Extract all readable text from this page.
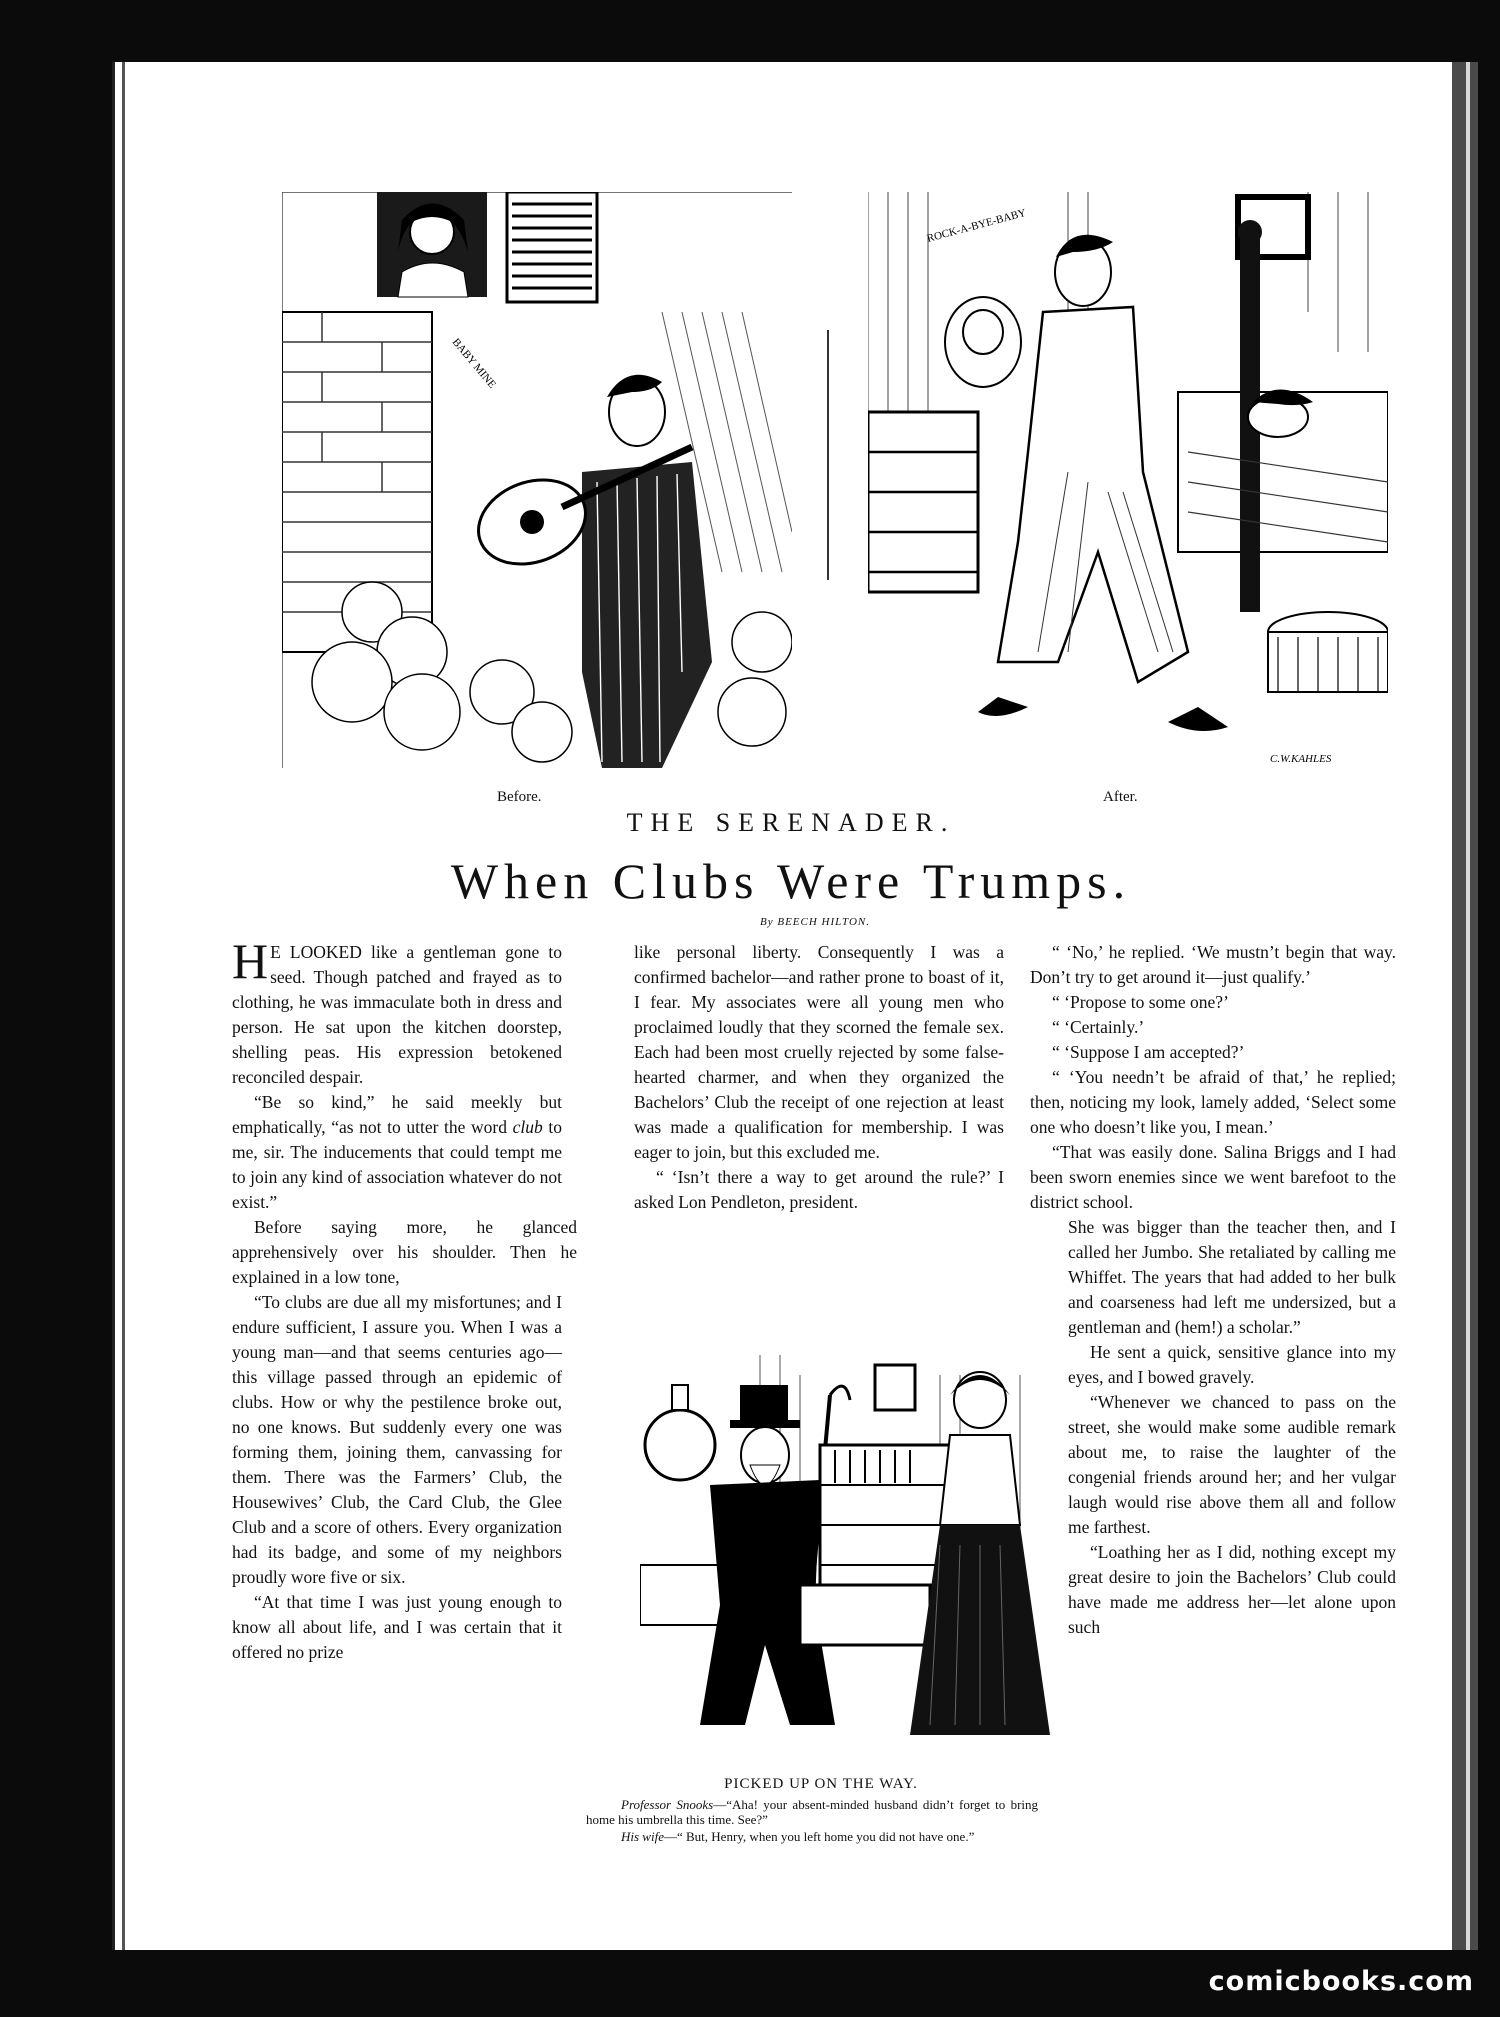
BABY MINE
ROCK-A-BYE-BABY
C.W.KAHLES
Before.	After.
THE SERENADER.
When Clubs Were Trumps.
By BEECH HILTON.

H E LOOKED like a gentleman gone to seed. Though patched and frayed as to clothing, he was immaculate both in dress and person. He sat upon the kitchen doorstep, shelling peas. His expression betokened reconciled despair.

“Be so kind,” he said meekly but emphatically, “as not to utter the word club to me, sir. The inducements that could tempt me to join any kind of association whatever do not exist.”

Before saying more, he glanced apprehensively over his shoulder. Then he explained in a low tone,

“To clubs are due all my misfortunes; and I endure sufficient, I assure you. When I was a young man—and that seems centuries ago—this village passed through an epidemic of clubs. How or why the pestilence broke out, no one knows. But suddenly every one was forming them, joining them, canvassing for them. There was the Farmers’ Club, the Housewives’ Club, the Card Club, the Glee Club and a score of others. Every organization had its badge, and some of my neighbors proudly wore five or six.

“At that time I was just young enough to know all about life, and I was certain that it offered no prize

like personal liberty. Consequently I was a confirmed bachelor—and rather prone to boast of it, I fear. My associates were all young men who proclaimed loudly that they scorned the female sex. Each had been most cruelly rejected by some false-hearted charmer, and when they organized the Bachelors’ Club the receipt of one rejection at least was made a qualification for membership. I was eager to join, but this excluded me.

“ ‘Isn’t there a way to get around the rule?’ I asked Lon Pendleton, president.

PICKED UP ON THE WAY.
Professor Snooks—“Aha! your absent-minded husband didn’t forget to bring home his umbrella this time. See?”
His wife—“ But, Henry, when you left home you did not have one.”

“ ‘No,’ he replied. ‘We mustn’t begin that way. Don’t try to get around it—just qualify.’

“ ‘Propose to some one?’

“ ‘Certainly.’

“ ‘Suppose I am accepted?’

“ ‘You needn’t be afraid of that,’ he replied; then, noticing my look, lamely added, ‘Select some one who doesn’t like you, I mean.’

“That was easily done. Salina Briggs and I had been sworn enemies since we went barefoot to the district school.

She was bigger than the teacher then, and I called her Jumbo. She retaliated by calling me Whiffet. The years that had added to her bulk and coarseness had left me undersized, but a gentleman and (hem!) a scholar.”

He sent a quick, sensitive glance into my eyes, and I bowed gravely.

“Whenever we chanced to pass on the street, she would make some audible remark about me, to raise the laughter of the congenial friends around her; and her vulgar laugh would rise above them all and follow me farthest.

“Loathing her as I did, nothing except my great desire to join the Bachelors’ Club could have made me address her—let alone upon such

comicbooks.com
